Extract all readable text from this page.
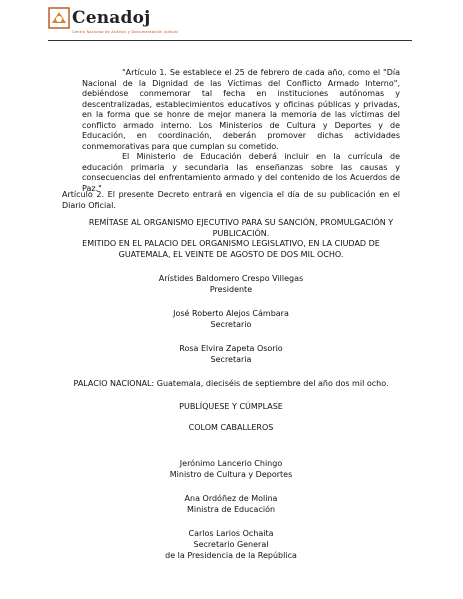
Cenadoj
Centro Nacional de Análisis y Documentación Judicial

"Artículo 1. Se establece el 25 de febrero de cada año, como el "Día Nacional de la Dignidad de las Víctimas del Conflicto Armado Interno", debiéndose conmemorar tal fecha en instituciones autónomas y descentralizadas, establecimientos educativos y oficinas públicas y privadas, en la forma que se honre de mejor manera la memoria de las víctimas del conflicto armado interno. Los Ministerios de Cultura y Deportes y de Educación, en coordinación, deberán promover dichas actividades conmemorativas para que cumplan su cometido.

El Ministerio de Educación deberá incluir en la currícula de educación primaria y secundaria las enseñanzas sobre las causas y consecuencias del enfrentamiento armado y del contenido de los Acuerdos de Paz."

Artículo 2. El presente Decreto entrará en vigencia el día de su publicación en el Diario Oficial.

REMÍTASE AL ORGANISMO EJECUTIVO PARA SU SANCIÓN, PROMULGACIÓN Y PUBLICACIÓN.
EMITIDO EN EL PALACIO DEL ORGANISMO LEGISLATIVO, EN LA CIUDAD DE GUATEMALA, EL VEINTE DE AGOSTO DE DOS MIL OCHO.
Arístides Baldomero Crespo Villegas
Presidente
José Roberto Alejos Cámbara
Secretario
Rosa Elvira Zapeta Osorio
Secretaria
PALACIO NACIONAL: Guatemala, dieciséis de septiembre del año dos mil ocho.
PUBLÍQUESE Y CÚMPLASE
COLOM CABALLEROS
Jerónimo Lancerio Chingo
Ministro de Cultura y Deportes
Ana Ordóñez de Molina
Ministra de Educación
Carlos Larios Ochaita
Secretario General
de la Presidencia de la República
